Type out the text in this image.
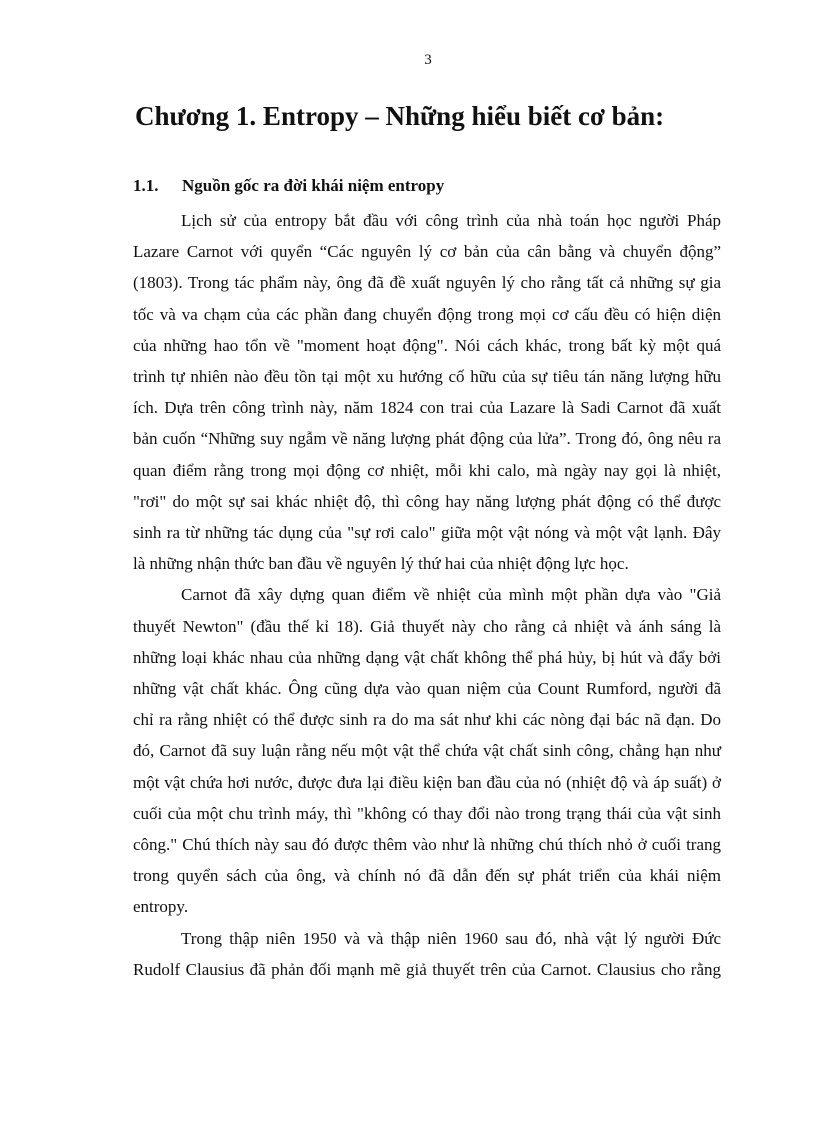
3
Chương 1. Entropy – Những hiểu biết cơ bản:
1.1. Nguồn gốc ra đời khái niệm entropy
Lịch sử của entropy bắt đầu với công trình của nhà toán học người Pháp
Lazare Carnot với quyển “Các nguyên lý cơ bản của cân bằng và chuyển động”
(1803). Trong tác phẩm này, ông đã đề xuất nguyên lý cho rằng tất cả những sự gia
tốc và va chạm của các phần đang chuyển động trong mọi cơ cấu đều có hiện diện
của những hao tổn về "moment hoạt động". Nói cách khác, trong bất kỳ một quá
trình tự nhiên nào đều tồn tại một xu hướng cố hữu của sự tiêu tán năng lượng hữu
ích. Dựa trên công trình này, năm 1824 con trai của Lazare là Sadi Carnot đã xuất
bản cuốn “Những suy ngẫm về năng lượng phát động của lửa”. Trong đó, ông nêu ra
quan điểm rằng trong mọi động cơ nhiệt, mỗi khi calo, mà ngày nay gọi là nhiệt,
"rơi" do một sự sai khác nhiệt độ, thì công hay năng lượng phát động có thể được
sinh ra từ những tác dụng của "sự rơi calo" giữa một vật nóng và một vật lạnh. Đây
là những nhận thức ban đầu về nguyên lý thứ hai của nhiệt động lực học.
Carnot đã xây dựng quan điểm về nhiệt của mình một phần dựa vào "Giả
thuyết Newton" (đầu thế kỉ 18). Giả thuyết này cho rằng cả nhiệt và ánh sáng là
những loại khác nhau của những dạng vật chất không thể phá hủy, bị hút và đẩy bởi
những vật chất khác. Ông cũng dựa vào quan niệm của Count Rumford, người đã
chỉ ra rằng nhiệt có thể được sinh ra do ma sát như khi các nòng đại bác nã đạn. Do
đó, Carnot đã suy luận rằng nếu một vật thể chứa vật chất sinh công, chẳng hạn như
một vật chứa hơi nước, được đưa lại điều kiện ban đầu của nó (nhiệt độ và áp suất) ở
cuối của một chu trình máy, thì "không có thay đổi nào trong trạng thái của vật sinh
công." Chú thích này sau đó được thêm vào như là những chú thích nhỏ ở cuối trang
trong quyển sách của ông, và chính nó đã dẫn đến sự phát triển của khái niệm
entropy.
Trong thập niên 1950 và và thập niên 1960 sau đó, nhà vật lý người Đức
Rudolf Clausius đã phản đối mạnh mẽ giả thuyết trên của Carnot. Clausius cho rằng
